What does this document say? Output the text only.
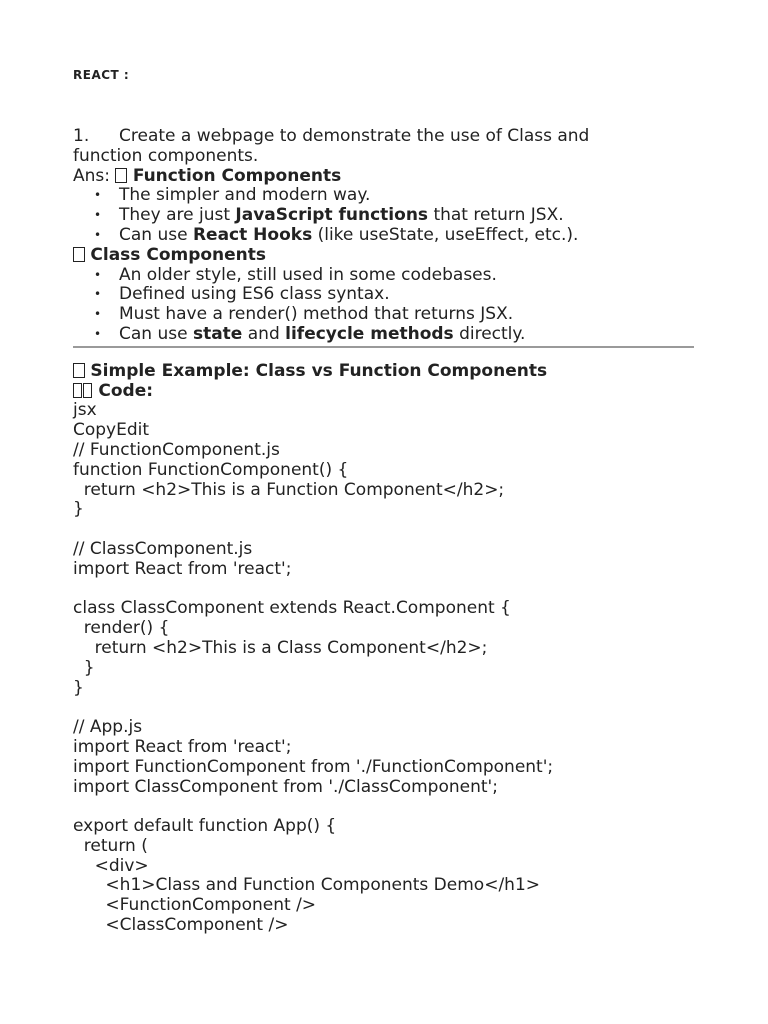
REACT :

1. Create a webpage to demonstrate the use of Class and

function components.

Ans:  Function Components

• The simpler and modern way.
• They are just JavaScript functions that return JSX.
• Can use React Hooks (like useState, useEffect, etc.).

Class Components

• An older style, still used in some codebases.
• Defined using ES6 class syntax.
• Must have a render() method that returns JSX.
• Can use state and lifecycle methods directly.

Simple Example: Class vs Function Components

Code:

jsx

CopyEdit

// FunctionComponent.js

function FunctionComponent() {

return <h2>This is a Function Component</h2>;

}

// ClassComponent.js

import React from 'react';

class ClassComponent extends React.Component {

render() {

return <h2>This is a Class Component</h2>;

}

}

// App.js

import React from 'react';

import FunctionComponent from './FunctionComponent';

import ClassComponent from './ClassComponent';

export default function App() {

return (

<div>

<h1>Class and Function Components Demo</h1>

<FunctionComponent />

<ClassComponent />
